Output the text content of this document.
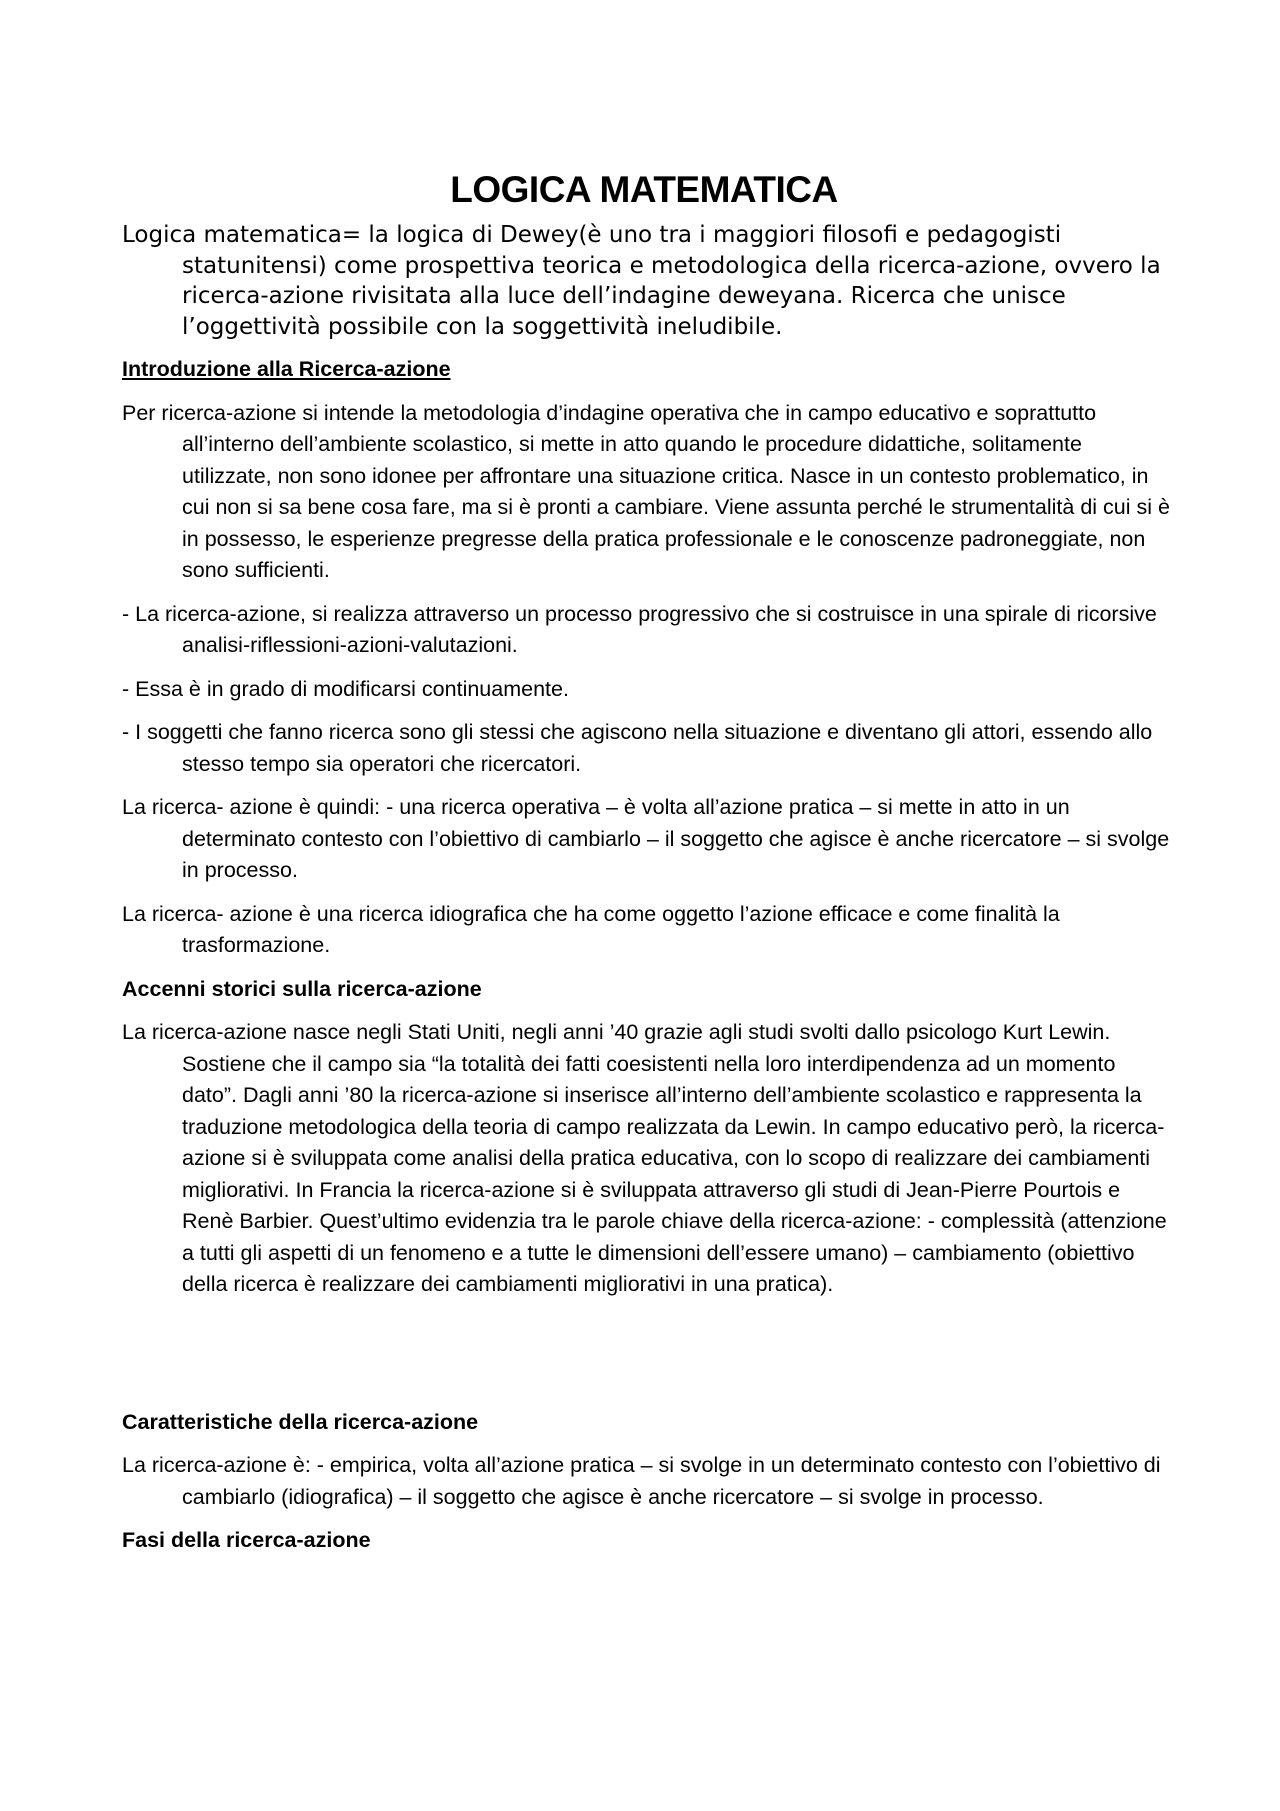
LOGICA MATEMATICA

Logica matematica= la logica di Dewey(è uno tra i maggiori filosofi e pedagogisti statunitensi) come prospettiva teorica e metodologica della ricerca-azione, ovvero la ricerca-azione rivisitata alla luce dell’indagine deweyana. Ricerca che unisce l’oggettività possibile con la soggettività ineludibile.

Introduzione alla Ricerca-azione

Per ricerca-azione si intende la metodologia d’indagine operativa che in campo educativo e soprattutto all’interno dell’ambiente scolastico, si mette in atto quando le procedure didattiche, solitamente utilizzate, non sono idonee per affrontare una situazione critica. Nasce in un contesto problematico, in cui non si sa bene cosa fare, ma si è pronti a cambiare. Viene assunta perché le strumentalità di cui si è in possesso, le esperienze pregresse della pratica professionale e le conoscenze padroneggiate, non sono sufficienti.

- La ricerca-azione, si realizza attraverso un processo progressivo che si costruisce in una spirale di ricorsive analisi-riflessioni-azioni-valutazioni.

- Essa è in grado di modificarsi continuamente.

- I soggetti che fanno ricerca sono gli stessi che agiscono nella situazione e diventano gli attori, essendo allo stesso tempo sia operatori che ricercatori.

La ricerca- azione è quindi: - una ricerca operativa – è volta all’azione pratica – si mette in atto in un determinato contesto con l’obiettivo di cambiarlo – il soggetto che agisce è anche ricercatore – si svolge in processo.

La ricerca- azione è una ricerca idiografica che ha come oggetto l’azione efficace e come finalità la trasformazione.

Accenni storici sulla ricerca-azione

La ricerca-azione nasce negli Stati Uniti, negli anni ’40 grazie agli studi svolti dallo psicologo Kurt Lewin. Sostiene che il campo sia “la totalità dei fatti coesistenti nella loro interdipendenza ad un momento dato”. Dagli anni ’80 la ricerca-azione si inserisce all’interno dell’ambiente scolastico e rappresenta la traduzione metodologica della teoria di campo realizzata da Lewin. In campo educativo però, la ricerca-azione si è sviluppata come analisi della pratica educativa, con lo scopo di realizzare dei cambiamenti migliorativi. In Francia la ricerca-azione si è sviluppata attraverso gli studi di Jean-Pierre Pourtois e Renè Barbier. Quest’ultimo evidenzia tra le parole chiave della ricerca-azione: - complessità (attenzione a tutti gli aspetti di un fenomeno e a tutte le dimensioni dell’essere umano) – cambiamento (obiettivo della ricerca è realizzare dei cambiamenti migliorativi in una pratica).

Caratteristiche della ricerca-azione

La ricerca-azione è: - empirica, volta all’azione pratica – si svolge in un determinato contesto con l’obiettivo di cambiarlo (idiografica) – il soggetto che agisce è anche ricercatore – si svolge in processo.

Fasi della ricerca-azione
